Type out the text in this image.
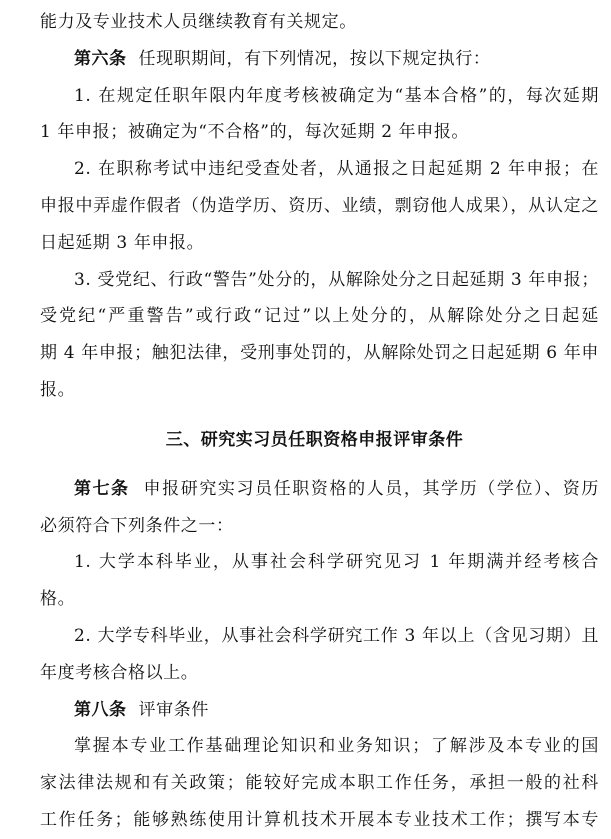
能力及专业技术人员继续教育有关规定。
第六条 任现职期间，有下列情况，按以下规定执行：
1. 在规定任职年限内年度考核被确定为“基本合格”的，每次延期
1 年申报；被确定为“不合格”的，每次延期 2 年申报。
2. 在职称考试中违纪受查处者，从通报之日起延期 2 年申报；在
申报中弄虚作假者（伪造学历、资历、业绩，剽窃他人成果），从认定之
日起延期 3 年申报。
3. 受党纪、行政“警告”处分的，从解除处分之日起延期 3 年申报；
受党纪“严重警告”或行政“记过”以上处分的，从解除处分之日起延
期 4 年申报；触犯法律，受刑事处罚的，从解除处罚之日起延期 6 年申
报。
三、研究实习员任职资格申报评审条件
第七条 申报研究实习员任职资格的人员，其学历（学位）、资历
必须符合下列条件之一：
1. 大学本科毕业，从事社会科学研究见习 1 年期满并经考核合
格。
2. 大学专科毕业，从事社会科学研究工作 3 年以上（含见习期）且
年度考核合格以上。
第八条 评审条件
掌握本专业工作基础理论知识和业务知识；了解涉及本专业的国
家法律法规和有关政策；能较好完成本职工作任务，承担一般的社科
工作任务；能够熟练使用计算机技术开展本专业技术工作；撰写本专
